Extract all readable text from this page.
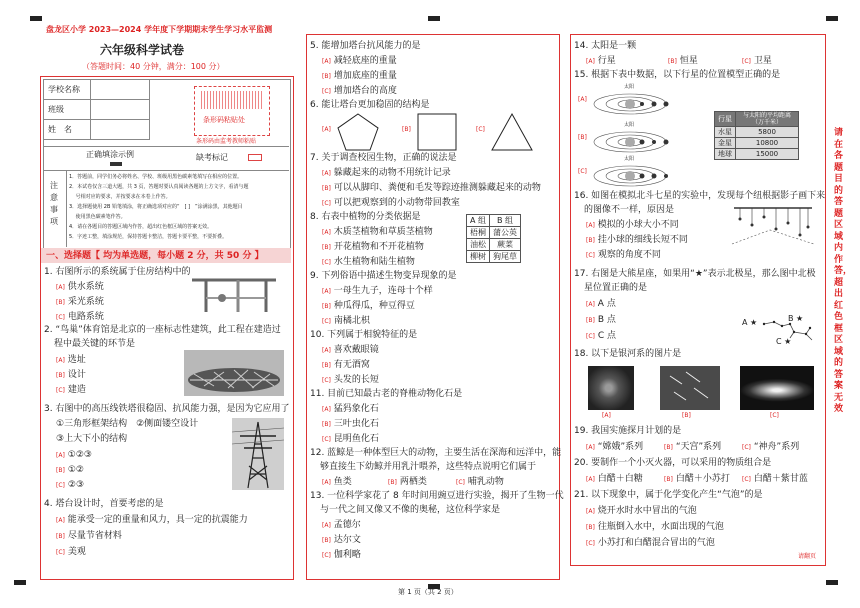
盘龙区小学 2023—2024 学年度下学期期末学生学习水平监测
六年级科学试卷
（答题时间：40 分钟，满分：100 分）
学校名称	
班级	
姓　名	
条形码粘贴处
条形码由监考教师粘贴
正确填涂示例	缺考标记
注
意
事
项
1．答题前，同学们务必将姓名、学校、班级用黑色碳素笔填写在相应的位置。
2．本试卷仅含三道大题，共 3 页，答题时要认真阅读各题的上方文字，看清与题
　 号相对应的要求，并按要求在本卷上作答。
3．选择题使用 2B 铅笔填涂，将正确选项对应的“　[ ]　”涂满涂黑，其他题目
　 使用黑色碳素笔作答。
4．请在各题目的答题区域内作答，超出红色框区域的答案无效。
5．字迹工整，填涂规范，保持答题卡整洁，答题卡要平整，不要折叠。
一、选择题【 均为单选题，每小题 2 分，共 50 分 】
1. 右图所示的系统属于住房结构中的
[A] 供水系统
[B] 采光系统
[C] 电路系统
2. “鸟巢”体育馆是北京的一座标志性建筑，此工程在建造过
程中最关键的环节是
[A] 选址
[B] 设计
[C] 建造
3. 右图中的高压线铁塔很稳固、抗风能力强，是因为它应用了
①三角形框架结构　②侧面镂空设计
③上大下小的结构
[A] ①②③
[B] ①②
[C] ②③
4. 塔台设计时，首要考虑的是
[A] 能承受一定的重量和风力，具一定的抗震能力
[B] 尽量节省材料
[C] 美观
5. 能增加塔台抗风能力的是
[A] 减轻底座的重量
[B] 增加底座的重量
[C] 增加塔台的高度
6. 能让塔台更加稳固的结构是
[A]	[B]	[C]
7. 关于调查校园生物，正确的说法是
[A] 躲藏起来的动物不用统计记录
[B] 可以从脚印、粪便和毛发等踪迹推测躲藏起来的动物
[C] 可以把观察到的小动物带回教室
8. 右表中植物的分类依据是
[A] 木质茎植物和草质茎植物
[B] 开花植物和不开花植物
[C] 水生植物和陆生植物
A 组	B 组
梧桐	蒲公英
油松	蕨菜
柳树	狗尾草
9. 下列俗语中描述生物变异现象的是
[A] 一母生九子，连母十个样
[B] 种瓜得瓜，种豆得豆
[C] 南橘北枳
10. 下列属于相貌特征的是
[A] 喜欢戴眼镜
[B] 有无酒窝
[C] 头发的长短
11. 目前已知最古老的脊椎动物化石是
[A] 猛犸象化石
[B] 三叶虫化石
[C] 昆明鱼化石
12. 蓝鲸是一种体型巨大的动物，主要生活在深海和远洋中，能
够直接生下幼鲸并用乳汁喂养，这些特点说明它们属于
[A] 鱼类	[B] 两栖类	[C] 哺乳动物
13. 一位科学家花了 8 年时间用豌豆进行实验，揭开了生物一代
与一代之间又像又不像的奥秘，这位科学家是
[A] 孟德尔
[B] 达尔文
[C] 伽利略
14. 太阳是一颗
[A] 行星	[B] 恒星	[C] 卫星
15. 根据下表中数据，以下行星的位置模型正确的是
[A]
[B]
[C]
太阳
太阳
太阳
行星	与太阳的平均距离（万千米）
水星	5800
金星	10800
地球	15000
16. 如图在模拟北斗七星的实验中，发现每个纽根据影子画下来
的图像不一样，原因是
[A] 模拟的小球大小不同
[B] 挂小球的细线长短不同
[C] 观察的角度不同
17. 右图是大熊星座，如果用“★”表示北极星，那么图中北极
星位置正确的是
[A] A 点
[B] B 点
[C] C 点
A ★	B ★
C ★
18. 以下是银河系的图片是
[A]	[B]	[C]
19. 我国实施探月计划的是
[A] “嫦娥”系列	[B] “天宫”系列	[C] “神舟”系列
20. 要制作一个小灭火器，可以采用的物质组合是
[A] 白醋＋白糖	[B] 白醋＋小苏打 [C] 白醋＋紫甘蓝
21. 以下现象中，属于化学变化产生“气泡”的是
[A] 烧开水时水中冒出的气泡
[B] 往瓶倒入水中，水面出现的气泡
[C] 小苏打和白醋混合冒出的气泡
请翻页
请在各题目的答题区域内作答，超出红色框区域的答案无效
第 1 页（共 2 页）
